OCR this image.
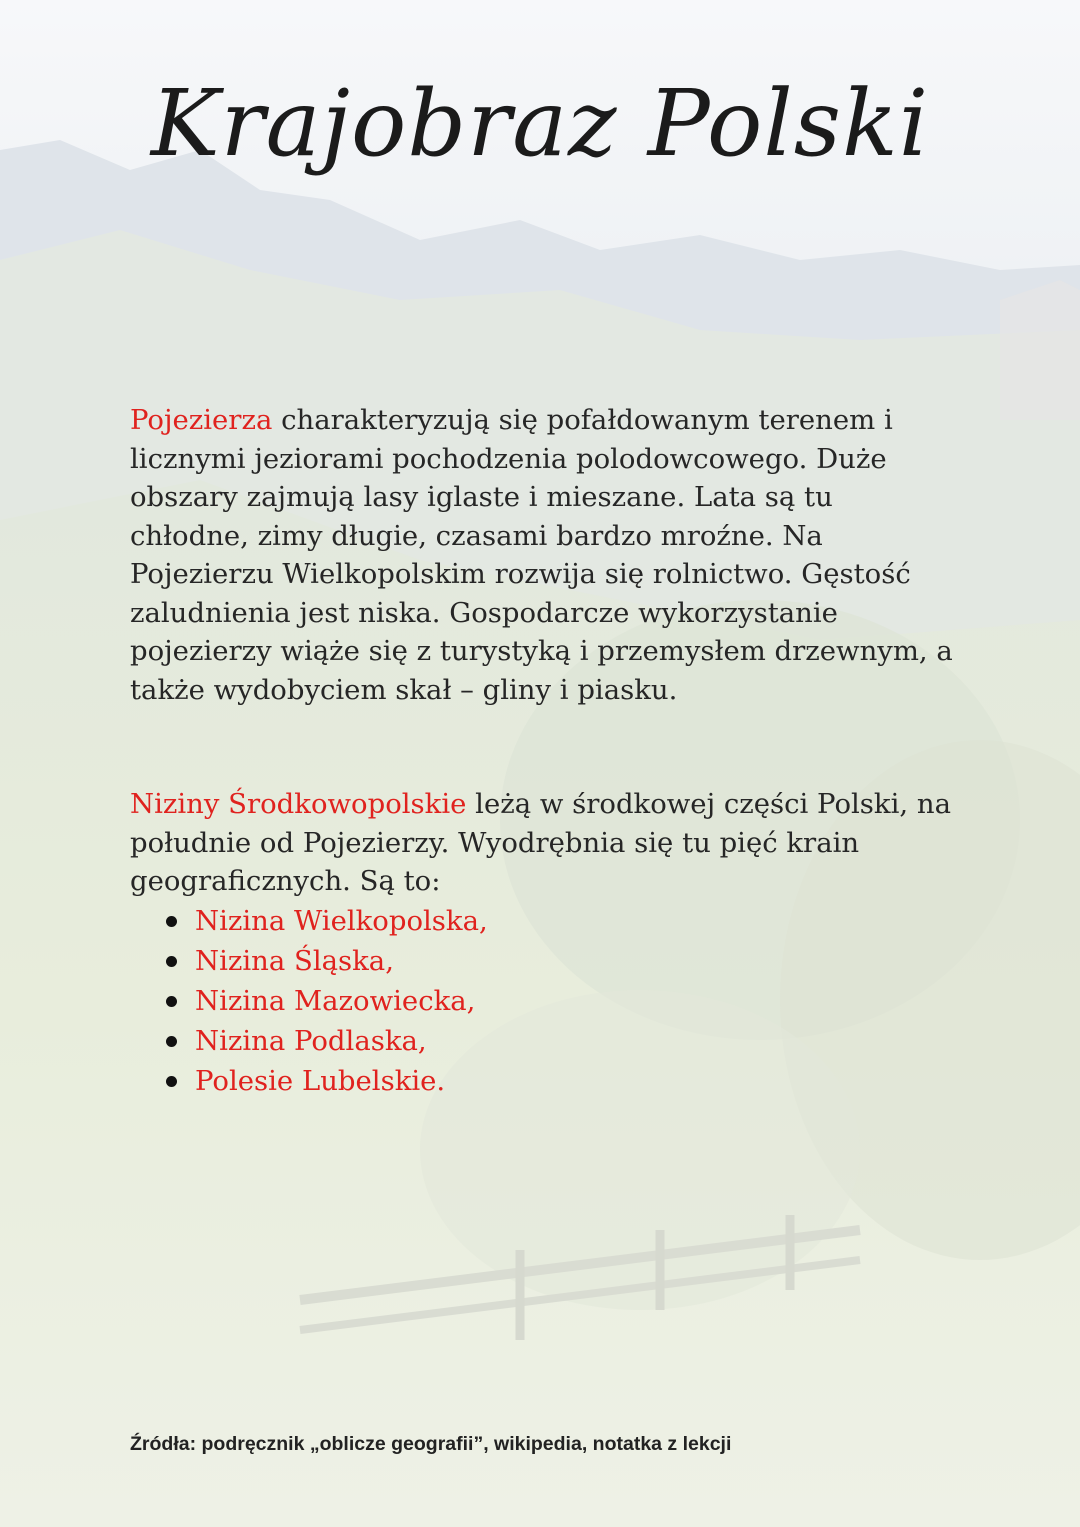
Krajobraz Polski
Pojezierza charakteryzują się pofałdowanym terenem i licznymi jeziorami pochodzenia polodowcowego. Duże obszary zajmują lasy iglaste i mieszane. Lata są tu chłodne, zimy długie, czasami bardzo mroźne. Na Pojezierzu Wielkopolskim rozwija się rolnictwo. Gęstość zaludnienia jest niska. Gospodarcze wykorzystanie pojezierzy wiąże się z turystyką i przemysłem drzewnym, a także wydobyciem skał – gliny i piasku.
Niziny Środkowopolskie leżą w środkowej części Polski, na południe od Pojezierzy. Wyodrębnia się tu pięć krain geograficznych. Są to:
Nizina Wielkopolska,
Nizina Śląska,
Nizina Mazowiecka,
Nizina Podlaska,
Polesie Lubelskie.
Źródła: podręcznik „oblicze geografii”, wikipedia, notatka z lekcji
